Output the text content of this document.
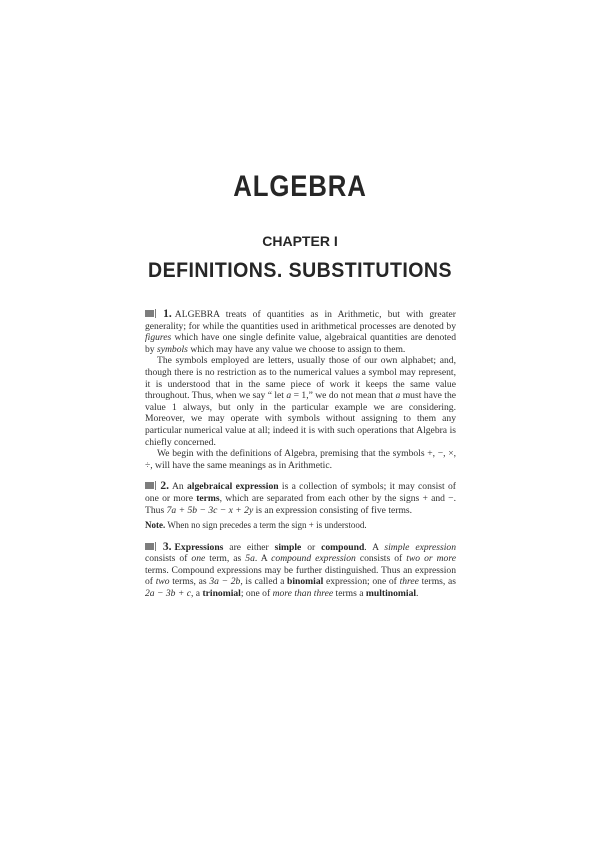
ALGEBRA
CHAPTER I
DEFINITIONS. SUBSTITUTIONS

1. ALGEBRA treats of quantities as in Arithmetic, but with greater generality; for while the quantities used in arithmetical processes are denoted by figures which have one single definite value, algebraical quantities are denoted by symbols which may have any value we choose to assign to them.

The symbols employed are letters, usually those of our own alphabet; and, though there is no restriction as to the numerical values a symbol may represent, it is understood that in the same piece of work it keeps the same value throughout. Thus, when we say “ let a = 1,” we do not mean that a must have the value 1 always, but only in the particular example we are considering. Moreover, we may operate with symbols without assigning to them any particular numerical value at all; indeed it is with such operations that Algebra is chiefly concerned.

We begin with the definitions of Algebra, premising that the symbols +, −, ×, ÷, will have the same meanings as in Arithmetic.

2. An algebraical expression is a collection of symbols; it may consist of one or more terms, which are separated from each other by the signs + and −. Thus 7a + 5b − 3c − x + 2y is an expression consisting of five terms.

Note. When no sign precedes a term the sign + is understood.

3. Expressions are either simple or compound. A simple expression consists of one term, as 5a. A compound expression consists of two or more terms. Compound expressions may be further distinguished. Thus an expression of two terms, as 3a − 2b, is called a binomial expression; one of three terms, as 2a − 3b + c, a trinomial; one of more than three terms a multinomial.
